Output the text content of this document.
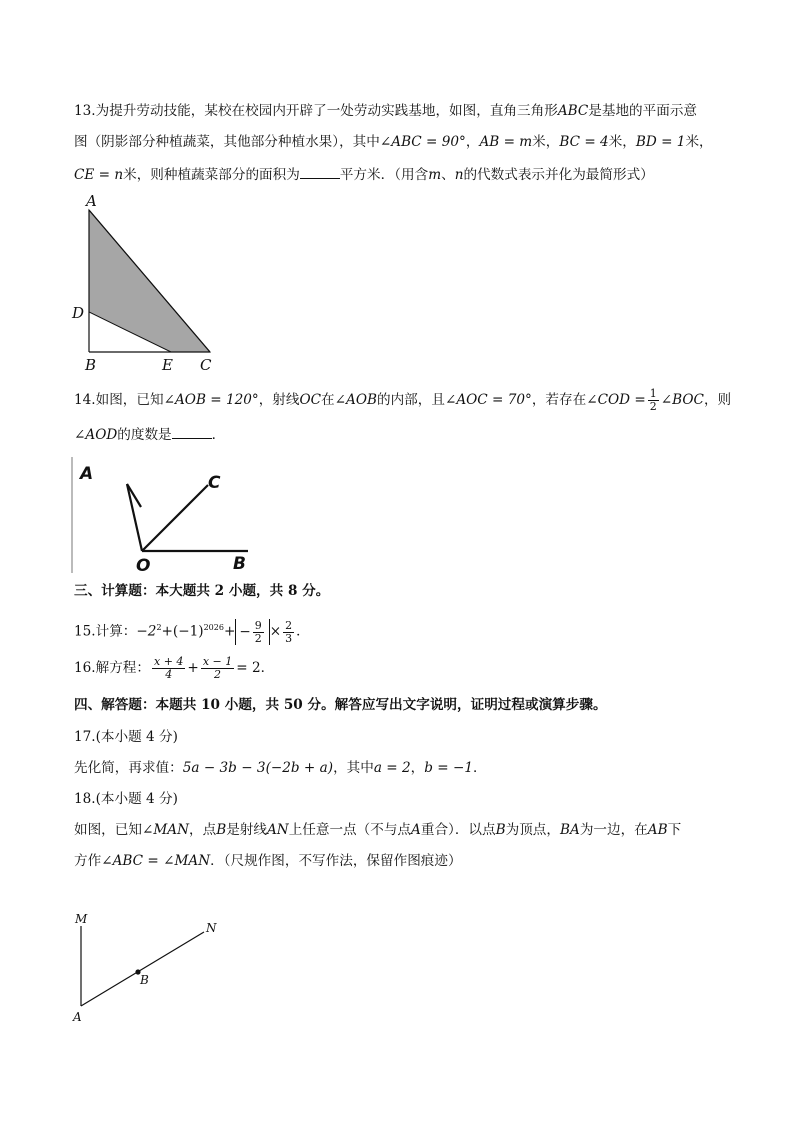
13.为提升劳动技能，某校在校园内开辟了一处劳动实践基地，如图，直角三角形ABC是基地的平面示意
图（阴影部分种植蔬菜，其他部分种植水果），其中∠ABC = 90°，AB = m米，BC = 4米，BD = 1米，
CE = n米，则种植蔬菜部分的面积为	平方米．（用含m、n的代数式表示并化为最简形式）
A
D
B	E C
14.如图，已知∠AOB = 120°，射线OC在∠AOB的内部，且∠AOC = 70°，若存在∠COD = $\frac{1}{2}$ ∠BOC，则
∠AOD的度数是	．
A	C
O	B
三、计算题：本大题共 2 小题，共 8 分。
15.计算：$-2^2+(-1)^{2026}+ - \frac{9}{2} \times \frac{2}{3}$ ．
16.解方程： $\frac{x + 4}{4} + \frac{x - 1}{2} = 2$．
四、解答题：本题共 10 小题，共 50 分。解答应写出文字说明，证明过程或演算步骤。
17.(本小题 4 分)
先化简，再求值：5a − 3b − 3(−2b + a)，其中a = 2，b = −1．
18.(本小题 4 分)
如图，已知∠MAN，点B是射线AN上任意一点（不与点A重合）．以点B为顶点，BA为一边，在AB下
方作∠ABC = ∠MAN．（尺规作图，不写作法，保留作图痕迹）
M
N
B
A
